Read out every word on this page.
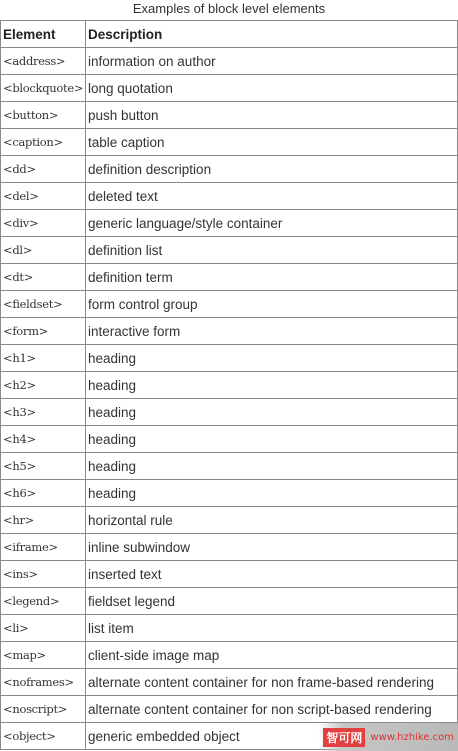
Examples of block level elements
Element	Description
<address>	information on author
<blockquote>	long quotation
<button>	push button
<caption>	table caption
<dd>	definition description
<del>	deleted text
<div>	generic language/style container
<dl>	definition list
<dt>	definition term
<fieldset>	form control group
<form>	interactive form
<h1>	heading
<h2>	heading
<h3>	heading
<h4>	heading
<h5>	heading
<h6>	heading
<hr>	horizontal rule
<iframe>	inline subwindow
<ins>	inserted text
<legend>	fieldset legend
<li>	list item
<map>	client-side image map
<noframes>	alternate content container for non frame-based rendering
<noscript>	alternate content container for non script-based rendering
<object>	generic embedded object	智可网 www.hzhike.com
